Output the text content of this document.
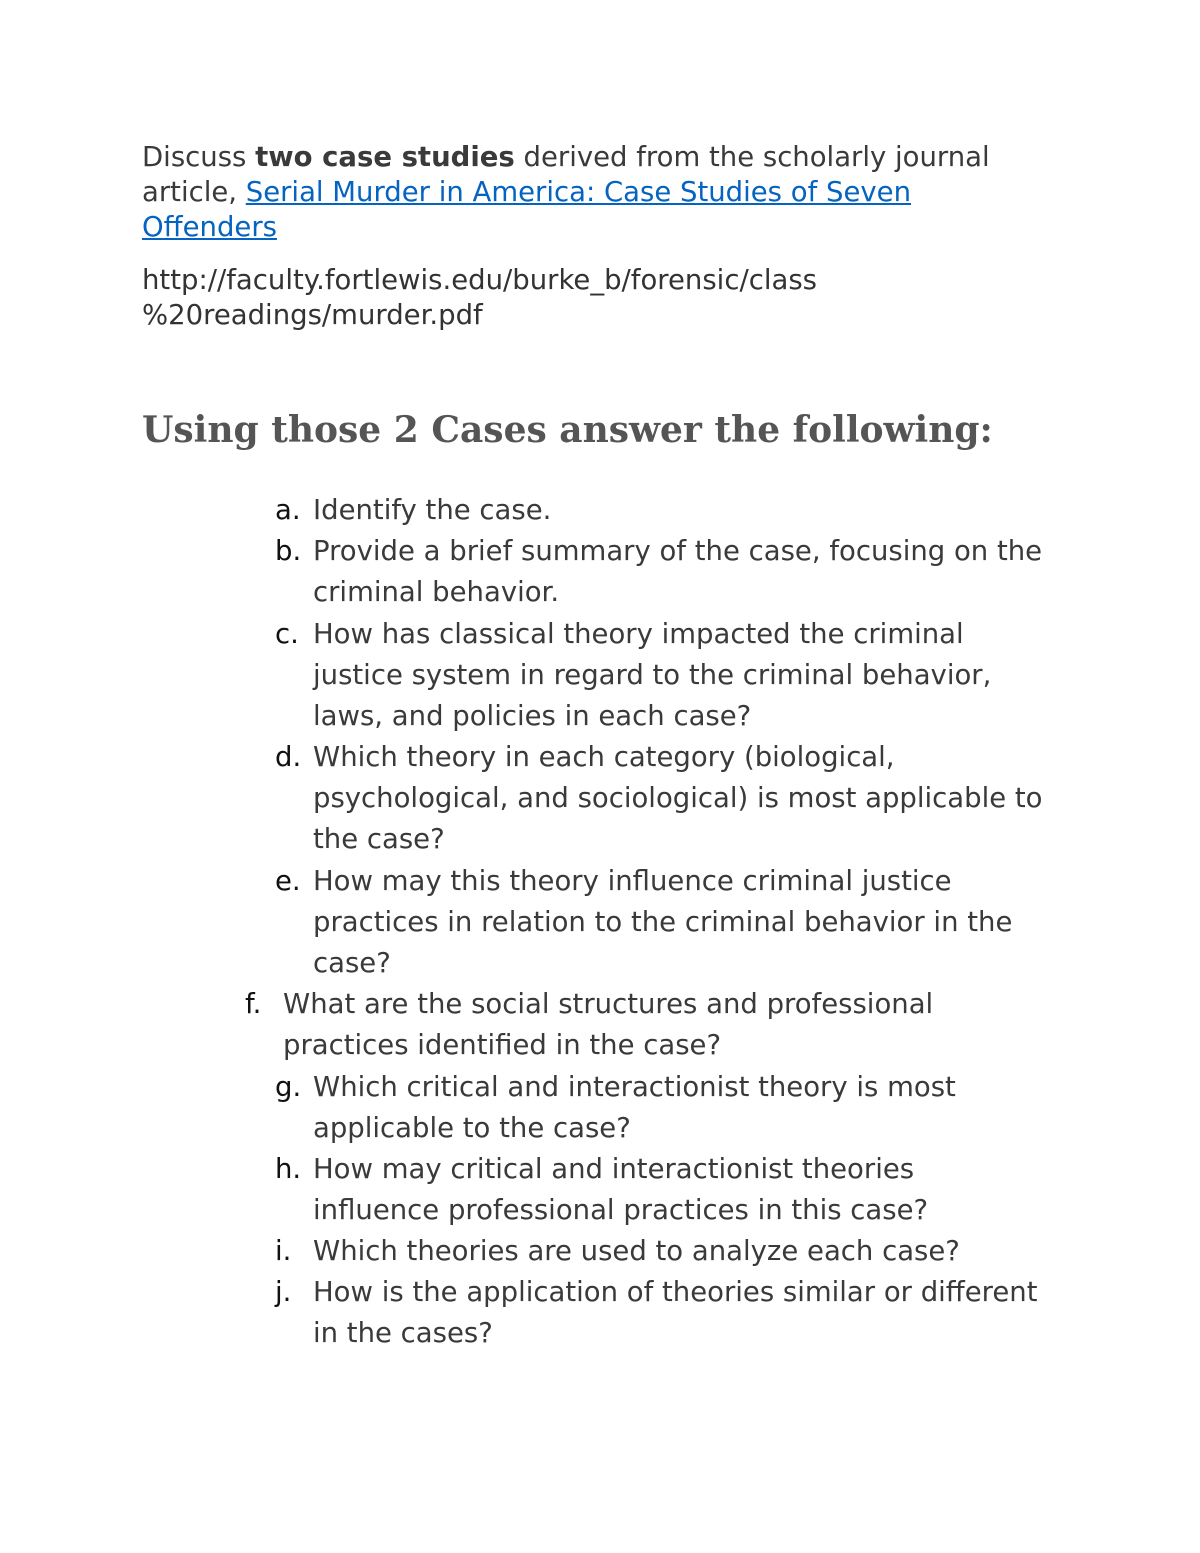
Discuss two case studies derived from the scholarly journal article, Serial Murder in America: Case Studies of Seven Offenders
http://faculty.fortlewis.edu/burke_b/forensic/class
%20readings/murder.pdf
Using those 2 Cases answer the following:
a. Identify the case.
b. Provide a brief summary of the case, focusing on the criminal behavior.
c. How has classical theory impacted the criminal justice system in regard to the criminal behavior, laws, and policies in each case?
d. Which theory in each category (biological, psychological, and sociological) is most applicable to the case?
e. How may this theory influence criminal justice practices in relation to the criminal behavior in the case?
f. What are the social structures and professional practices identified in the case?
g. Which critical and interactionist theory is most applicable to the case?
h. How may critical and interactionist theories influence professional practices in this case?
i. Which theories are used to analyze each case?
j. How is the application of theories similar or different in the cases?
